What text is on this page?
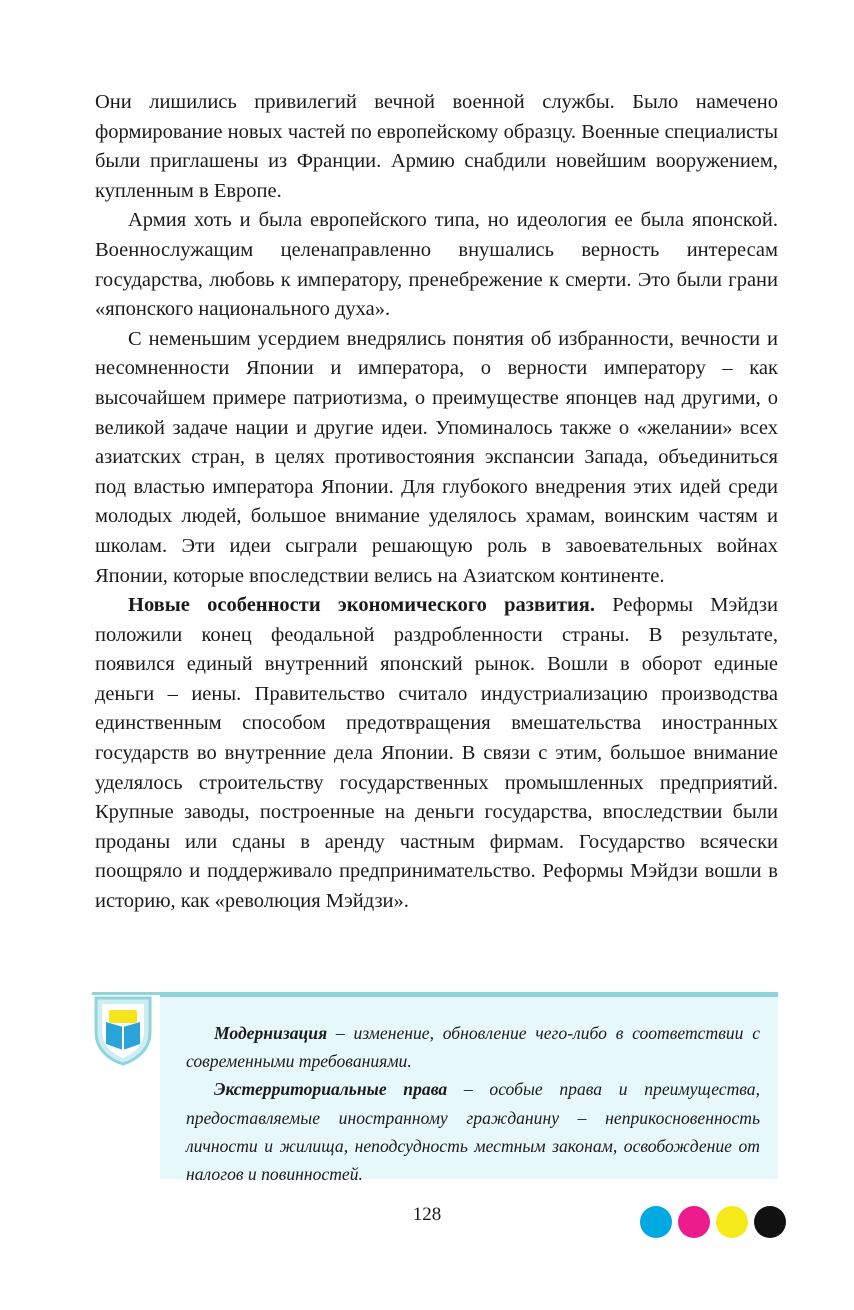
Они лишились привилегий вечной военной службы. Было намечено формирование новых частей по европейскому образцу. Военные специалисты были приглашены из Франции. Армию снабдили новейшим вооружением, купленным в Европе.

Армия хоть и была европейского типа, но идеология ее была японской. Военнослужащим целенаправленно внушались верность интересам государства, любовь к императору, пренебрежение к смерти. Это были грани «японского национального духа».

С неменьшим усердием внедрялись понятия об избранности, вечности и несомненности Японии и императора, о верности императору – как высочайшем примере патриотизма, о преимуществе японцев над другими, о великой задаче нации и другие идеи. Упоминалось также о «желании» всех азиатских стран, в целях противостояния экспансии Запада, объединиться под властью императора Японии. Для глубокого внедрения этих идей среди молодых людей, большое внимание уделялось храмам, воинским частям и школам. Эти идеи сыграли решающую роль в завоевательных войнах Японии, которые впоследствии велись на Азиатском континенте.

Новые особенности экономического развития. Реформы Мэйдзи положили конец феодальной раздробленности страны. В результате, появился единый внутренний японский рынок. Вошли в оборот единые деньги – иены. Правительство считало индустриализацию производства единственным способом предотвращения вмешательства иностранных государств во внутренние дела Японии. В связи с этим, большое внимание уделялось строительству государственных промышленных предприятий. Крупные заводы, построенные на деньги государства, впоследствии были проданы или сданы в аренду частным фирмам. Государство всячески поощряло и поддерживало предпринимательство. Реформы Мэйдзи вошли в историю, как «революция Мэйдзи».

Модернизация – изменение, обновление чего-либо в соответствии с современными требованиями.

Экстерриториальные права – особые права и преимущества, предоставляемые иностранному гражданину – неприкосновенность личности и жилища, неподсудность местным законам, освобождение от налогов и повинностей.

128
